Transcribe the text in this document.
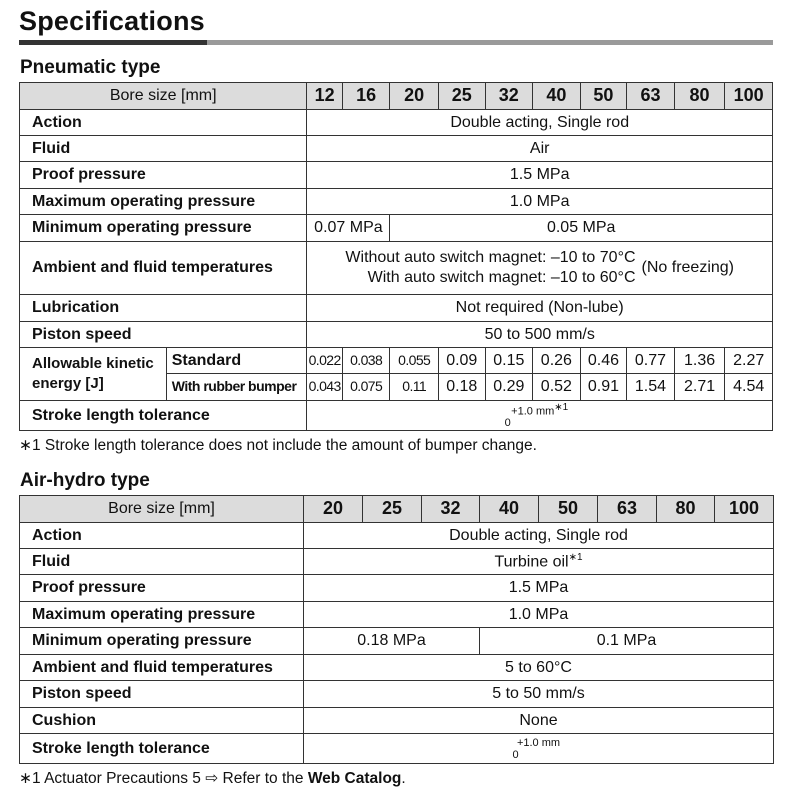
Specifications
Pneumatic type
Bore size [mm]		12	16	20	25	32	40	50	63	80	100
Action		Double acting, Single rod									
Fluid		Air									
Proof pressure		1.5 MPa									
Maximum operating pressure		1.0 MPa									
Minimum operating pressure		0.07 MPa		0.05 MPa							
Ambient and fluid temperatures		Without auto switch magnet: –10 to 70°C
With auto switch magnet: –10 to 60°C
(No freezing)									

Lubrication		Not required (Non-lube)									
Piston speed		50 to 500 mm/s									
Allowable kinetic energy [J]	Standard	0.022	0.038	0.055	0.09	0.15	0.26	0.46	0.77	1.36	2.27
	With rubber bumper	0.043	0.075	0.11	0.18	0.29	0.52	0.91	1.54	2.71	4.54
Stroke length tolerance		+1.0 $mm^{∗1}$
0									
∗1 Stroke length tolerance does not include the amount of bumper change.
Air-hydro type
Bore size [mm]	20	25	32	40	50	63	80	100
Action	Double acting, Single rod							
Fluid	Turbine oil$^{∗1}$
Proof pressure	1.5 MPa							
Maximum operating pressure	1.0 MPa							
Minimum operating pressure	0.18 MPa			0.1 MPa				
Ambient and fluid temperatures	5 to 60°C							
Piston speed	5 to 50 mm/s							
Cushion	None							
Stroke length tolerance	+1.0 mm
0							
∗1 Actuator Precautions 5 ⇨ Refer to the Web Catalog.
